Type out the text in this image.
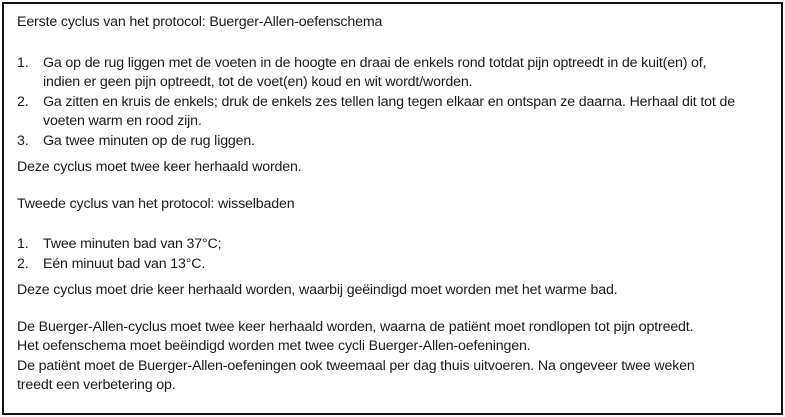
Eerste cyclus van het protocol: Buerger-Allen-oefenschema
1. Ga op de rug liggen met de voeten in de hoogte en draai de enkels rond totdat pijn optreedt in de kuit(en) of,
indien er geen pijn optreedt, tot de voet(en) koud en wit wordt/worden.
2. Ga zitten en kruis de enkels; druk de enkels zes tellen lang tegen elkaar en ontspan ze daarna. Herhaal dit tot de
voeten warm en rood zijn.
3. Ga twee minuten op de rug liggen.
Deze cyclus moet twee keer herhaald worden.
Tweede cyclus van het protocol: wisselbaden
1. Twee minuten bad van 37°C;
2. Eén minuut bad van 13°C.
Deze cyclus moet drie keer herhaald worden, waarbij geëindigd moet worden met het warme bad.
De Buerger-Allen-cyclus moet twee keer herhaald worden, waarna de patiënt moet rondlopen tot pijn optreedt.
Het oefenschema moet beëindigd worden met twee cycli Buerger-Allen-oefeningen.
De patiënt moet de Buerger-Allen-oefeningen ook tweemaal per dag thuis uitvoeren. Na ongeveer twee weken
treedt een verbetering op.
